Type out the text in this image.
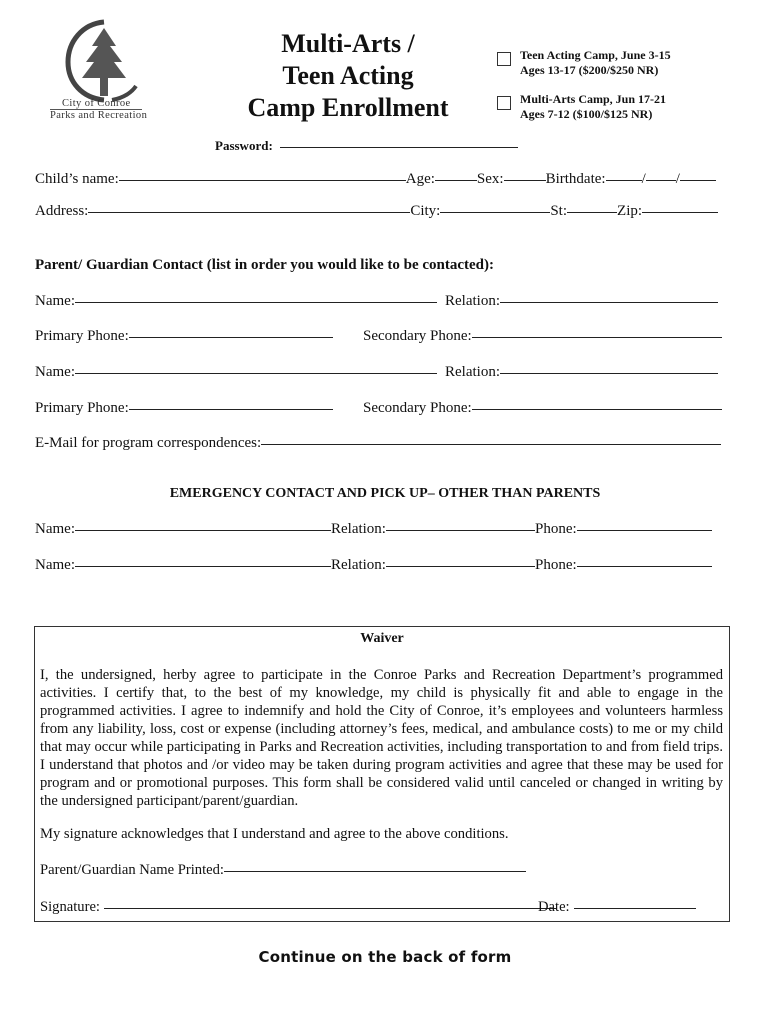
City of Conroe
Parks and Recreation
Multi-Arts /
Teen Acting
Camp Enrollment
Teen Acting Camp, June 3-15
Ages 13-17 ($200/$250 NR)
Multi-Arts Camp, Jun 17-21
Ages 7-12 ($100/$125 NR)
Password:
Child’s name:	Age:	Sex:	Birthdate: / /
Address:	City:	St:	Zip:
Parent/ Guardian Contact (list in order you would like to be contacted):
Name:	Relation:
Primary Phone:	Secondary Phone:
Name:	Relation:
Primary Phone:	Secondary Phone:
E-Mail for program correspondences:
EMERGENCY CONTACT AND PICK UP– OTHER THAN PARENTS
Name:	Relation:	Phone:
Name:	Relation:	Phone:
Waiver

I, the undersigned, herby agree to participate in the Conroe Parks and Recreation Department’s programmed activities. I certify that, to the best of my knowledge, my child is physically fit and able to engage in the programmed activities. I agree to indemnify and hold the City of Conroe, it’s employees and volunteers harmless from any liability, loss, cost or expense (including attorney’s fees, medical, and ambulance costs) to me or my child that may occur while participating in Parks and Recreation activities, including transportation to and from field trips. I understand that photos and /or video may be taken during program activities and agree that these may be used for program and or promotional purposes. This form shall be considered valid until canceled or changed in writing by the undersigned participant/parent/guardian.

My signature acknowledges that I understand and agree to the above conditions.
Parent/Guardian Name Printed:
Signature:	Date:
Continue on the back of form
